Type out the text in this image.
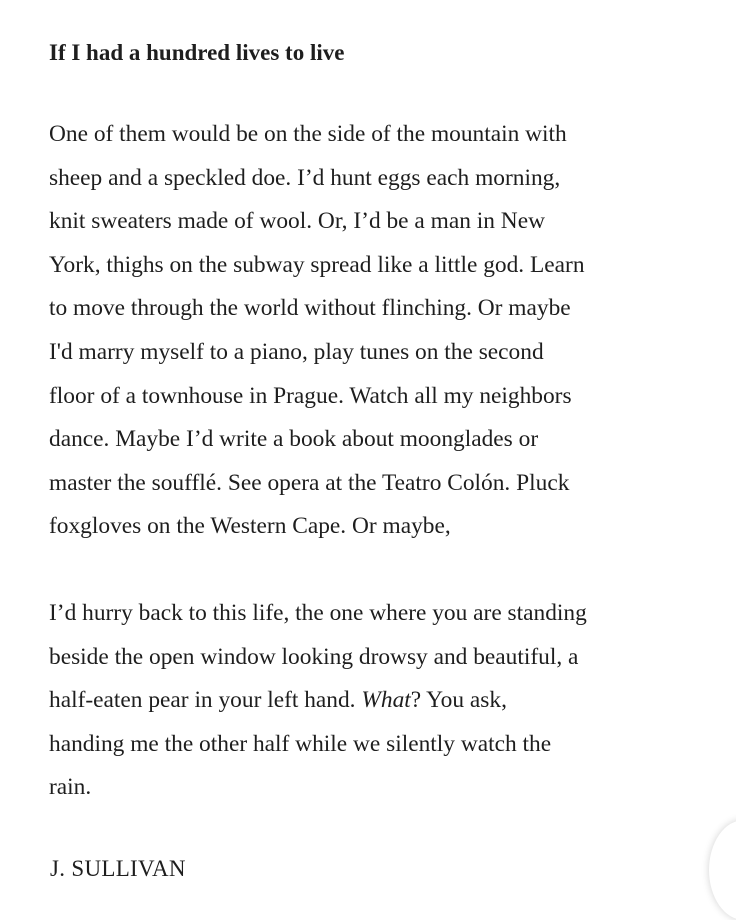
If I had a hundred lives to live

One of them would be on the side of the mountain with
sheep and a speckled doe. I’d hunt eggs each morning,
knit sweaters made of wool. Or, I’d be a man in New
York, thighs on the subway spread like a little god. Learn
to move through the world without flinching. Or maybe
I'd marry myself to a piano, play tunes on the second
floor of a townhouse in Prague. Watch all my neighbors
dance. Maybe I’d write a book about moonglades or
master the soufflé. See opera at the Teatro Colón. Pluck
foxgloves on the Western Cape. Or maybe,

I’d hurry back to this life, the one where you are standing
beside the open window looking drowsy and beautiful, a
half-eaten pear in your left hand. What? You ask,
handing me the other half while we silently watch the
rain.

J. SULLIVAN
